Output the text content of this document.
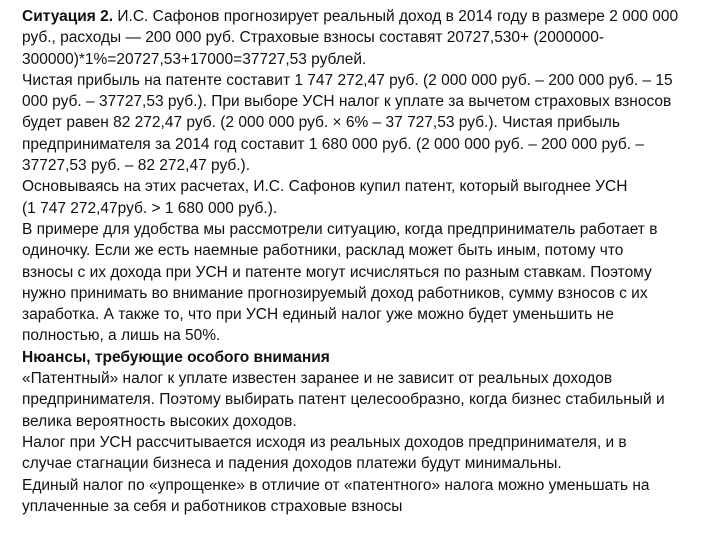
Ситуация 2. И.С. Сафонов прогнозирует реальный доход в 2014 году в размере 2 000 000
руб., расходы — 200 000 руб. Страховые взносы составят 20727,530+ (2000000-
300000)*1%=20727,53+17000=37727,53 рублей.

Чистая прибыль на патенте составит 1 747 272,47 руб. (2 000 000 руб. – 200 000 руб. – 15
000 руб. – 37727,53 руб.). При выборе УСН налог к уплате за вычетом страховых взносов
будет равен 82 272,47 руб. (2 000 000 руб. × 6% – 37 727,53 руб.). Чистая прибыль
предпринимателя за 2014 год составит 1 680 000 руб. (2 000 000 руб. – 200 000 руб. –
37727,53 руб. – 82 272,47 руб.).

Основываясь на этих расчетах, И.С. Сафонов купил патент, который выгоднее УСН
(1 747 272,47руб. > 1 680 000 руб.).

В примере для удобства мы рассмотрели ситуацию, когда предприниматель работает в
одиночку. Если же есть наемные работники, расклад может быть иным, потому что
взносы с их дохода при УСН и патенте могут исчисляться по разным ставкам. Поэтому
нужно принимать во внимание прогнозируемый доход работников, сумму взносов с их
заработка. А также то, что при УСН единый налог уже можно будет уменьшить не
полностью, а лишь на 50%.

Нюансы, требующие особого внимания

«Патентный» налог к уплате известен заранее и не зависит от реальных доходов
предпринимателя. Поэтому выбирать патент целесообразно, когда бизнес стабильный и
велика вероятность высоких доходов.

Налог при УСН рассчитывается исходя из реальных доходов предпринимателя, и в
случае стагнации бизнеса и падения доходов платежи будут минимальны.

Единый налог по «упрощенке» в отличие от «патентного» налога можно уменьшать на
уплаченные за себя и работников страховые взносы
